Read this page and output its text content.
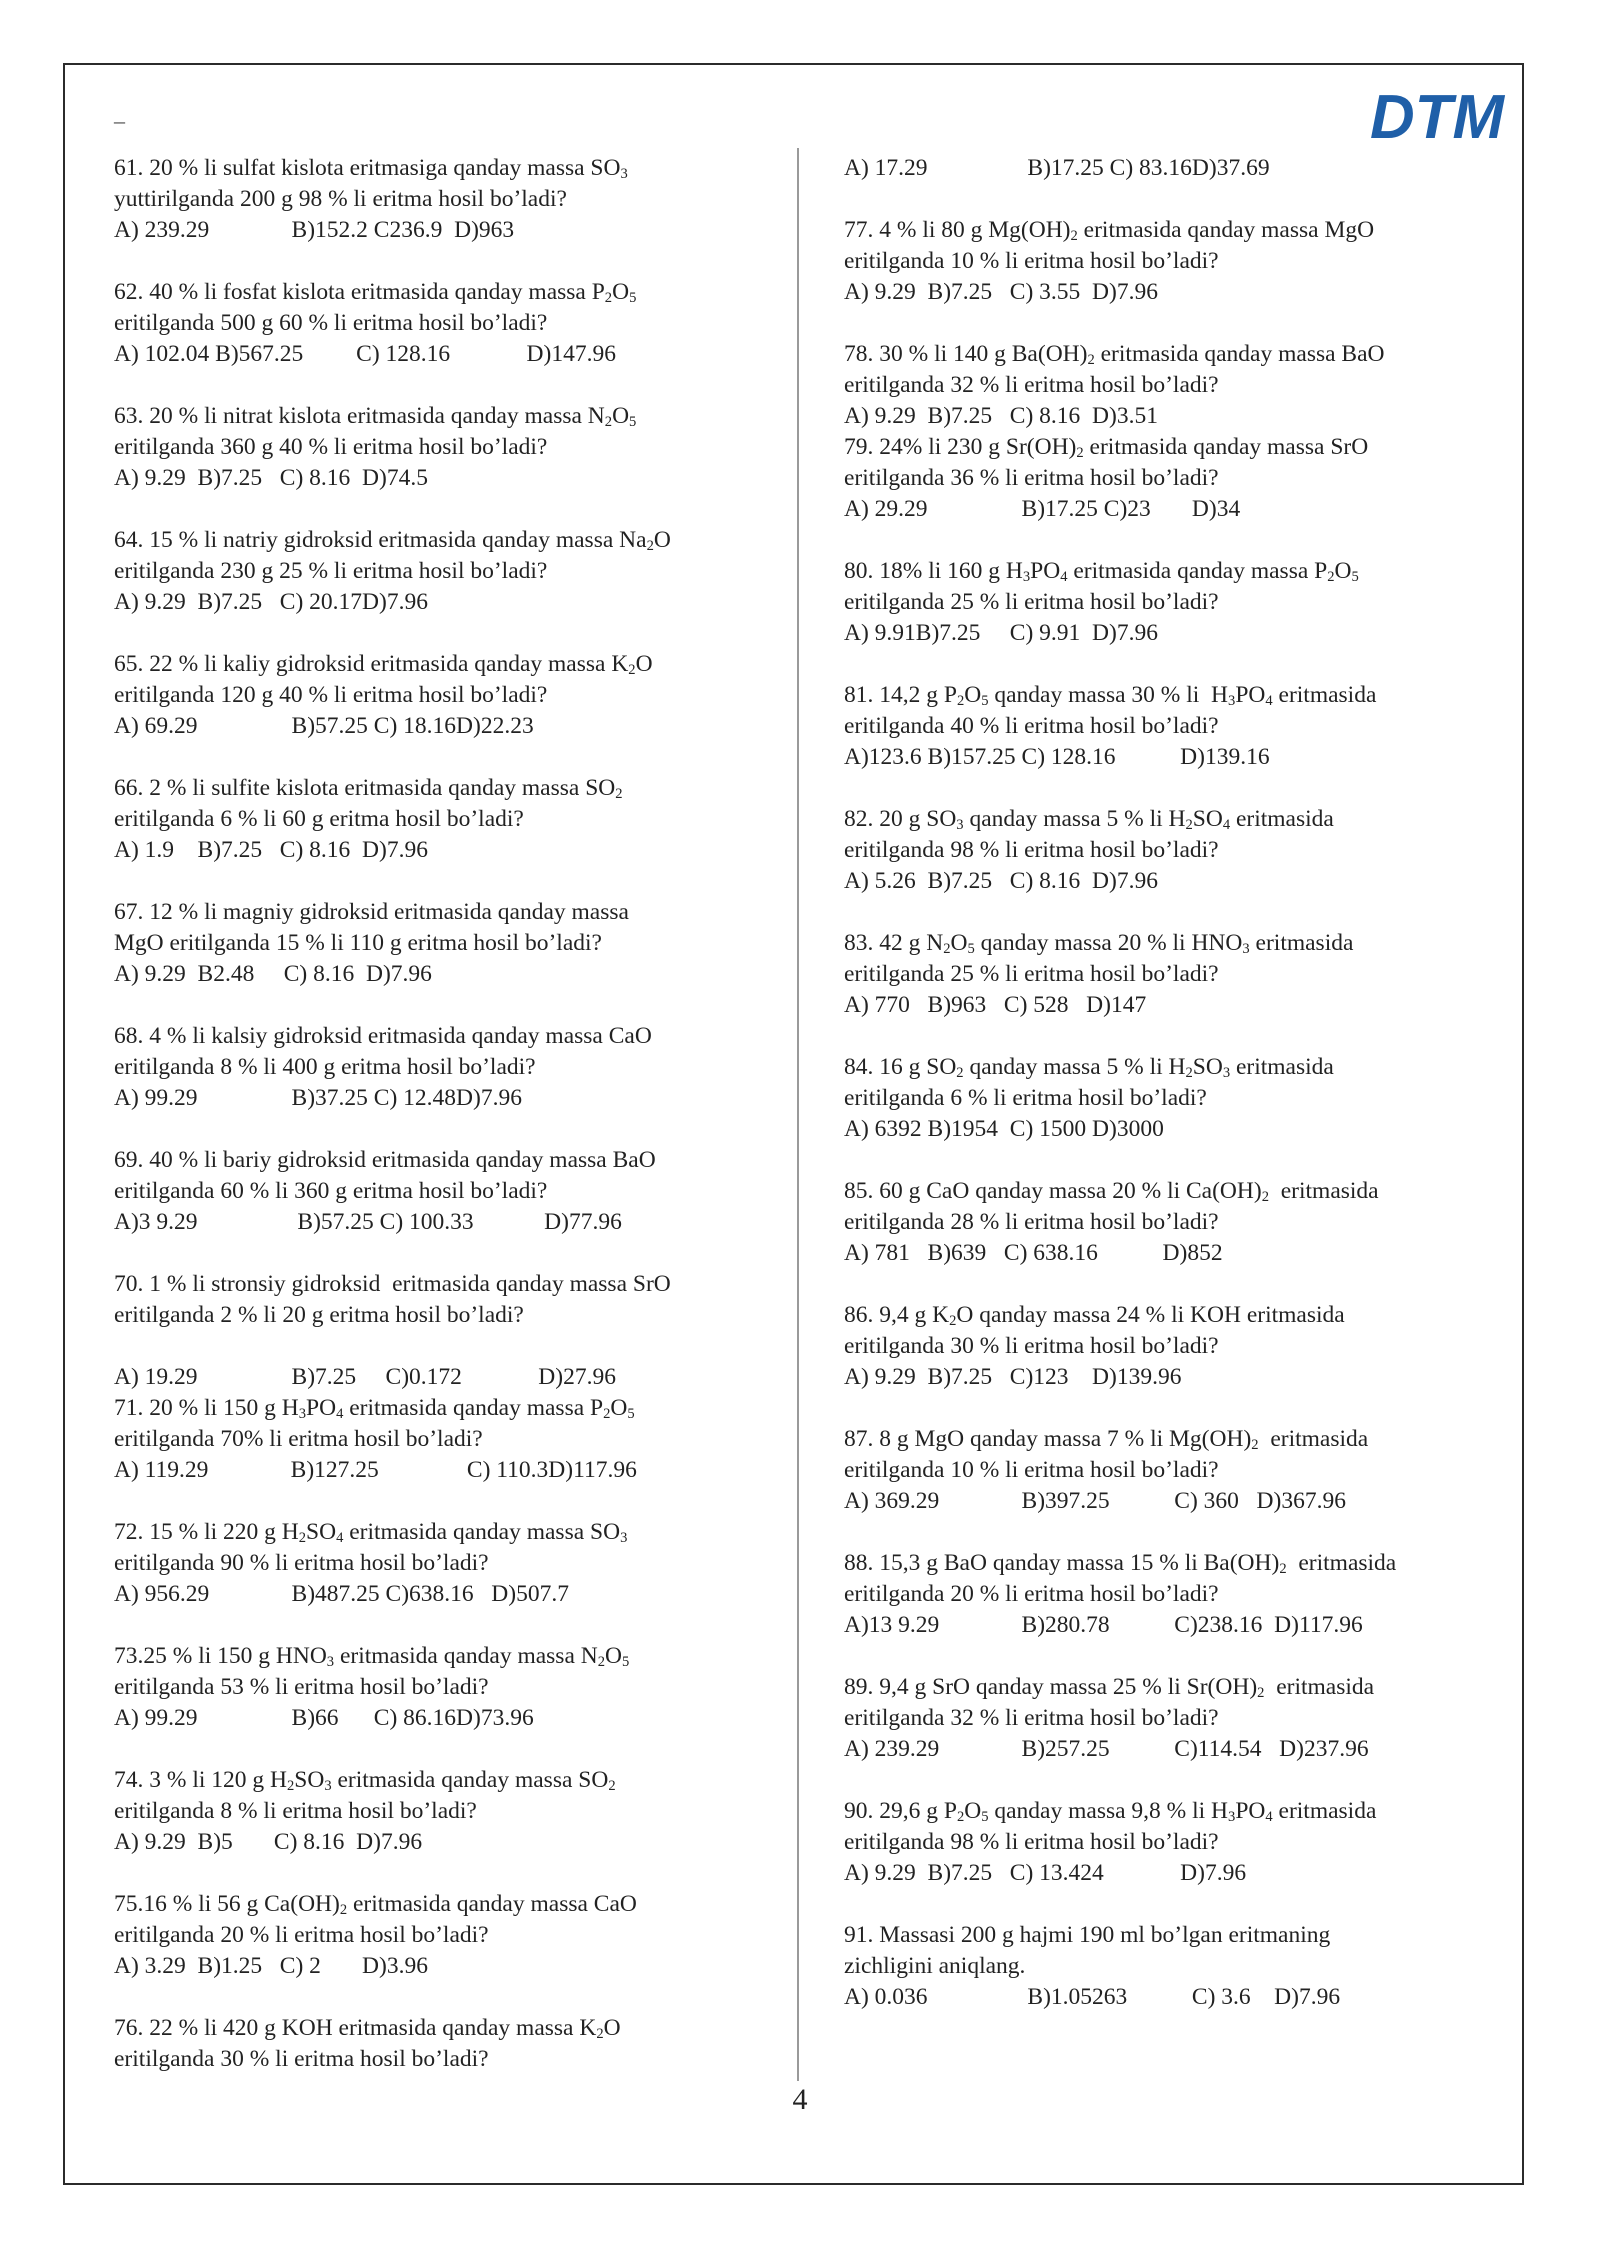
–	DTM
61. 20 % li sulfat kislota eritmasiga qanday massa $SO_3$
yuttirilganda 200 g 98 % li eritma hosil bo’ladi?
A) 239.29              B)152.2 C236.9  D)963
62. 40 % li fosfat kislota eritmasida qanday massa $P_2O_5$
eritilganda 500 g 60 % li eritma hosil bo’ladi?
A) 102.04 B)567.25         C) 128.16             D)147.96
63. 20 % li nitrat kislota eritmasida qanday massa $N_2O_5$
eritilganda 360 g 40 % li eritma hosil bo’ladi?
A) 9.29  B)7.25   C) 8.16  D)74.5
64. 15 % li natriy gidroksid eritmasida qanday massa $Na_2O$
eritilganda 230 g 25 % li eritma hosil bo’ladi?
A) 9.29  B)7.25   C) 20.17D)7.96
65. 22 % li kaliy gidroksid eritmasida qanday massa $K_2O$
eritilganda 120 g 40 % li eritma hosil bo’ladi?
A) 69.29                B)57.25 C) 18.16D)22.23
66. 2 % li sulfite kislota eritmasida qanday massa $SO_2$
eritilganda 6 % li 60 g eritma hosil bo’ladi?
A) 1.9    B)7.25   C) 8.16  D)7.96
67. 12 % li magniy gidroksid eritmasida qanday massa
MgO eritilganda 15 % li 110 g eritma hosil bo’ladi?
A) 9.29  B2.48     C) 8.16  D)7.96
68. 4 % li kalsiy gidroksid eritmasida qanday massa CaO
eritilganda 8 % li 400 g eritma hosil bo’ladi?
A) 99.29                B)37.25 C) 12.48D)7.96
69. 40 % li bariy gidroksid eritmasida qanday massa BaO
eritilganda 60 % li 360 g eritma hosil bo’ladi?
A)3 9.29                 B)57.25 C) 100.33            D)77.96
70. 1 % li stronsiy gidroksid  eritmasida qanday massa SrO
eritilganda 2 % li 20 g eritma hosil bo’ladi?
A) 19.29                B)7.25     C)0.172             D)27.96
71. 20 % li 150 g $H_3PO_4$ eritmasida qanday massa $P_2O_5$
eritilganda 70% li eritma hosil bo’ladi?
A) 119.29              B)127.25               C) 110.3D)117.96
72. 15 % li 220 g $H_2SO_4$ eritmasida qanday massa $SO_3$
eritilganda 90 % li eritma hosil bo’ladi?
A) 956.29              B)487.25 C)638.16   D)507.7
73.25 % li 150 g $HNO_3$ eritmasida qanday massa $N_2O_5$
eritilganda 53 % li eritma hosil bo’ladi?
A) 99.29                B)66      C) 86.16D)73.96
74. 3 % li 120 g $H_2SO_3$ eritmasida qanday massa $SO_2$
eritilganda 8 % li eritma hosil bo’ladi?
A) 9.29  B)5       C) 8.16  D)7.96
75.16 % li 56 g $Ca(OH)_2$ eritmasida qanday massa CaO
eritilganda 20 % li eritma hosil bo’ladi?
A) 3.29  B)1.25   C) 2       D)3.96
76. 22 % li 420 g KOH eritmasida qanday massa $K_2O$
eritilganda 30 % li eritma hosil bo’ladi?
A) 17.29                 B)17.25 C) 83.16D)37.69
77. 4 % li 80 g $Mg(OH)_2$ eritmasida qanday massa MgO
eritilganda 10 % li eritma hosil bo’ladi?
A) 9.29  B)7.25   C) 3.55  D)7.96
78. 30 % li 140 g $Ba(OH)_2$ eritmasida qanday massa BaO
eritilganda 32 % li eritma hosil bo’ladi?
A) 9.29  B)7.25   C) 8.16  D)3.51
79. 24% li 230 g $Sr(OH)_2$ eritmasida qanday massa SrO
eritilganda 36 % li eritma hosil bo’ladi?
A) 29.29                B)17.25 C)23       D)34
80. 18% li 160 g $H_3PO_4$ eritmasida qanday massa $P_2O_5$
eritilganda 25 % li eritma hosil bo’ladi?
A) 9.91B)7.25     C) 9.91  D)7.96
81. 14,2 g $P_2O_5$ qanday massa 30 % li  $H_3PO_4$ eritmasida
eritilganda 40 % li eritma hosil bo’ladi?
A)123.6 B)157.25 C) 128.16           D)139.16
82. 20 g $SO_3$ qanday massa 5 % li $H_2SO_4$ eritmasida
eritilganda 98 % li eritma hosil bo’ladi?
A) 5.26  B)7.25   C) 8.16  D)7.96
83. 42 g $N_2O_5$ qanday massa 20 % li $HNO_3$ eritmasida
eritilganda 25 % li eritma hosil bo’ladi?
A) 770   B)963   C) 528   D)147
84. 16 g $SO_2$ qanday massa 5 % li $H_2SO_3$ eritmasida
eritilganda 6 % li eritma hosil bo’ladi?
A) 6392 B)1954  C) 1500 D)3000
85. 60 g CaO qanday massa 20 % li $Ca(OH)_2$  eritmasida
eritilganda 28 % li eritma hosil bo’ladi?
A) 781   B)639   C) 638.16           D)852
86. 9,4 g $K_2O$ qanday massa 24 % li KOH eritmasida
eritilganda 30 % li eritma hosil bo’ladi?
A) 9.29  B)7.25   C)123    D)139.96
87. 8 g MgO qanday massa 7 % li $Mg(OH)_2$  eritmasida
eritilganda 10 % li eritma hosil bo’ladi?
A) 369.29              B)397.25           C) 360   D)367.96
88. 15,3 g BaO qanday massa 15 % li $Ba(OH)_2$  eritmasida
eritilganda 20 % li eritma hosil bo’ladi?
A)13 9.29              B)280.78           C)238.16  D)117.96
89. 9,4 g SrO qanday massa 25 % li $Sr(OH)_2$  eritmasida
eritilganda 32 % li eritma hosil bo’ladi?
A) 239.29              B)257.25           C)114.54   D)237.96
90. 29,6 g $P_2O_5$ qanday massa 9,8 % li $H_3PO_4$ eritmasida
eritilganda 98 % li eritma hosil bo’ladi?
A) 9.29  B)7.25   C) 13.424             D)7.96
91. Massasi 200 g hajmi 190 ml bo’lgan eritmaning
zichligini aniqlang.
A) 0.036                 B)1.05263           C) 3.6    D)7.96
4
